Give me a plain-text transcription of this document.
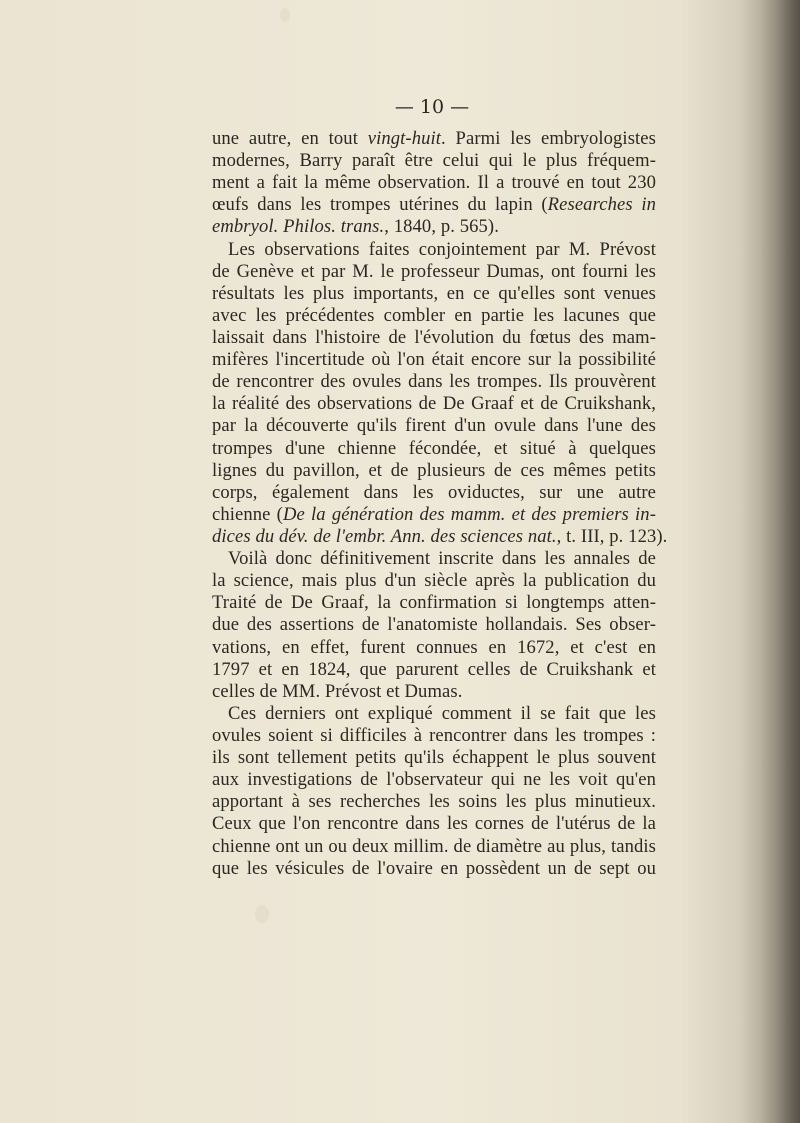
— 10 —
une autre, en tout vingt-huit. Parmi les embryologistes
modernes, Barry paraît être celui qui le plus fréquem-
ment a fait la même observation. Il a trouvé en tout 230
œufs dans les trompes utérines du lapin (Researches in
embryol. Philos. trans., 1840, p. 565).
Les observations faites conjointement par M. Prévost
de Genève et par M. le professeur Dumas, ont fourni les
résultats les plus importants, en ce qu'elles sont venues
avec les précédentes combler en partie les lacunes que
laissait dans l'histoire de l'évolution du fœtus des mam-
mifères l'incertitude où l'on était encore sur la possibilité
de rencontrer des ovules dans les trompes. Ils prouvèrent
la réalité des observations de De Graaf et de Cruikshank,
par la découverte qu'ils firent d'un ovule dans l'une des
trompes d'une chienne fécondée, et situé à quelques
lignes du pavillon, et de plusieurs de ces mêmes petits
corps, également dans les oviductes, sur une autre
chienne (De la génération des mamm. et des premiers in-
dices du dév. de l'embr. Ann. des sciences nat., t. III, p. 123).
Voilà donc définitivement inscrite dans les annales de
la science, mais plus d'un siècle après la publication du
Traité de De Graaf, la confirmation si longtemps atten-
due des assertions de l'anatomiste hollandais. Ses obser-
vations, en effet, furent connues en 1672, et c'est en
1797 et en 1824, que parurent celles de Cruikshank et
celles de MM. Prévost et Dumas.
Ces derniers ont expliqué comment il se fait que les
ovules soient si difficiles à rencontrer dans les trompes :
ils sont tellement petits qu'ils échappent le plus souvent
aux investigations de l'observateur qui ne les voit qu'en
apportant à ses recherches les soins les plus minutieux.
Ceux que l'on rencontre dans les cornes de l'utérus de la
chienne ont un ou deux millim. de diamètre au plus, tandis
que les vésicules de l'ovaire en possèdent un de sept ou
